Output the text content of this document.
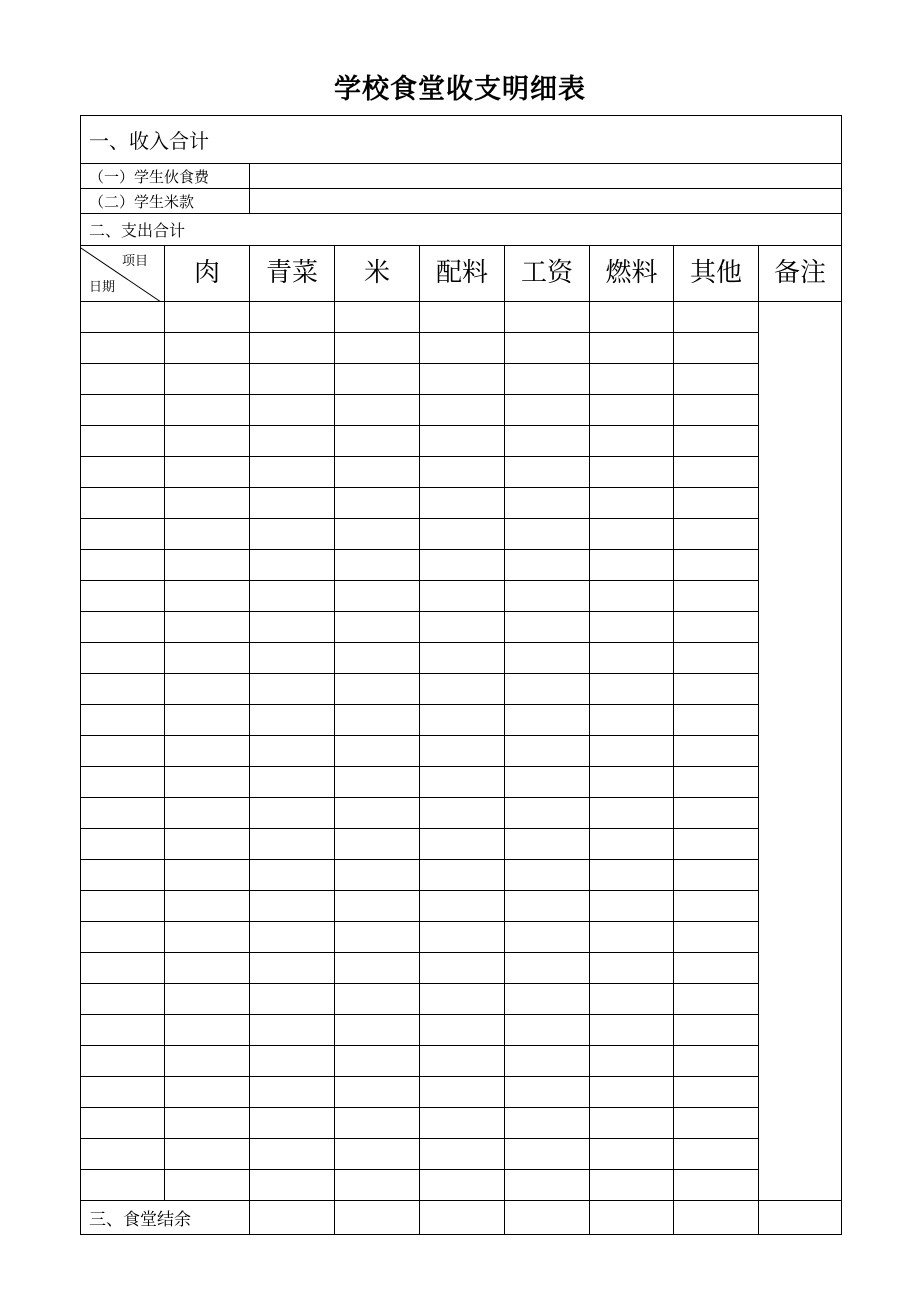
学校食堂收支明细表
一、收入合计								
（一）学生伙食费								
（二）学生米款								
二、支出合计								

项目
日期	肉	青菜	米	配料	工资	燃料	其他	备注

三、食堂结余								
